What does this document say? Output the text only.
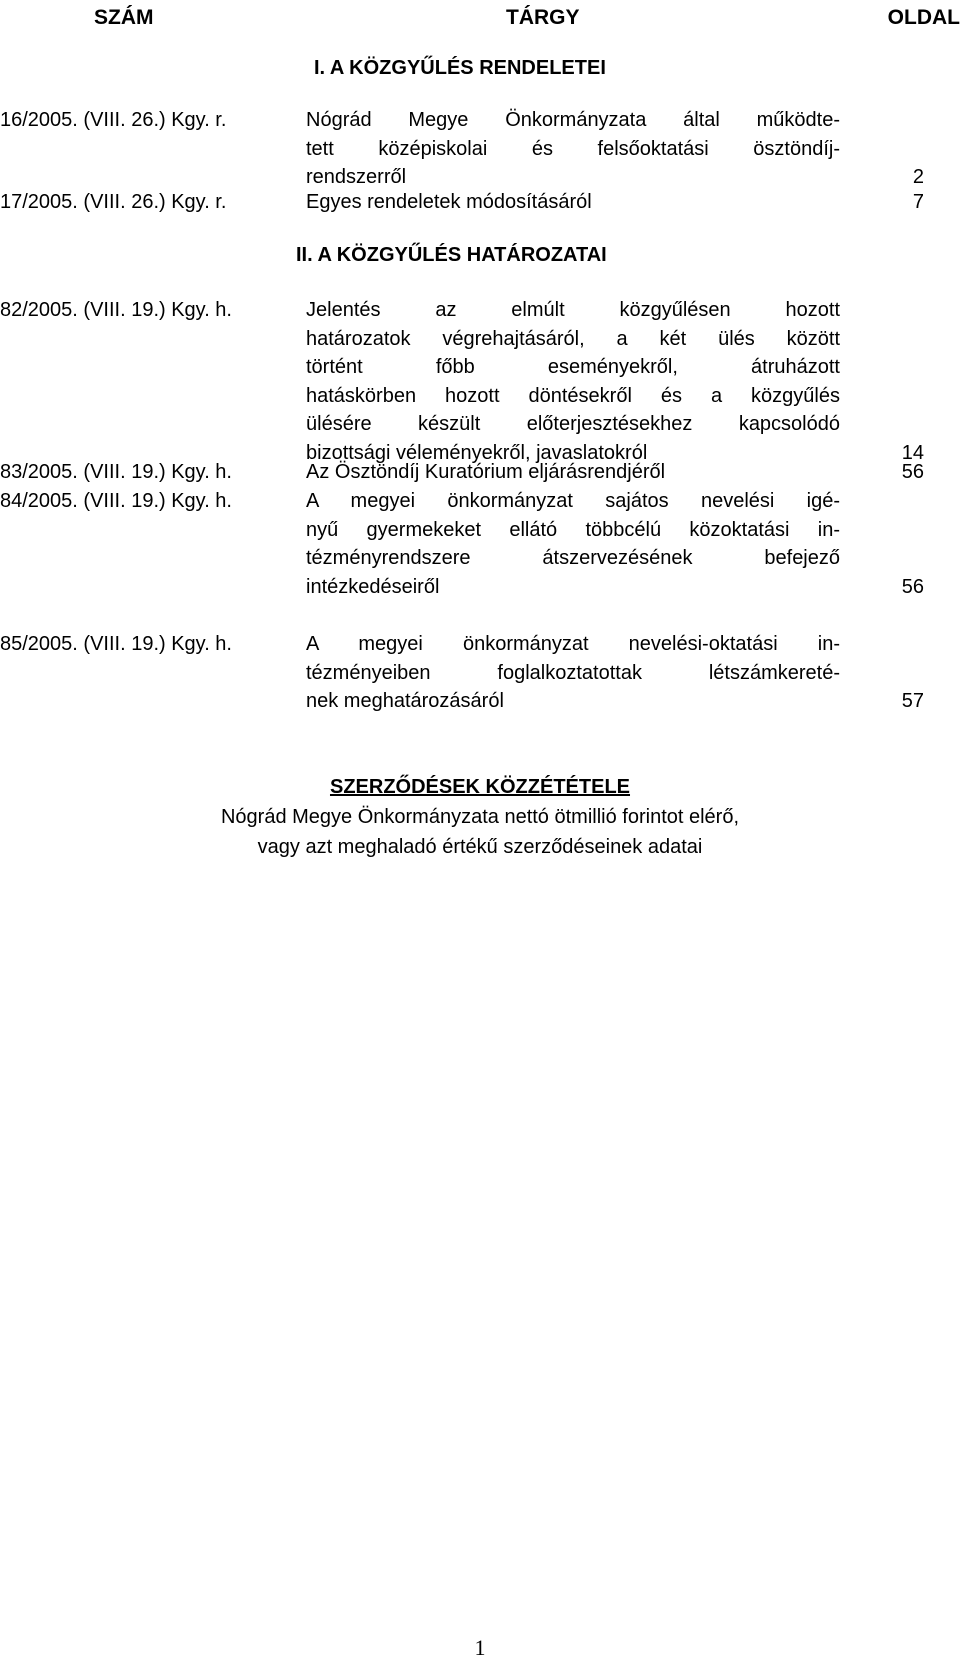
SZÁM	TÁRGY	OLDAL
I. A KÖZGYŰLÉS RENDELETEI
16/2005. (VIII. 26.) Kgy. r.	Nógrád Megye Önkormányzata által működte-
tett középiskolai és felsőoktatási ösztöndíj-
rendszerről	2
17/2005. (VIII. 26.) Kgy. r.	Egyes rendeletek módosításáról	7
II. A KÖZGYŰLÉS HATÁROZATAI
82/2005. (VIII. 19.) Kgy. h.	Jelentés az elmúlt közgyűlésen hozott
határozatok végrehajtásáról, a két ülés között
történt főbb eseményekről, átruházott
hatáskörben hozott döntésekről és a közgyűlés
ülésére készült előterjesztésekhez kapcsolódó
bizottsági véleményekről, javaslatokról	14
83/2005. (VIII. 19.) Kgy. h.	Az Ösztöndíj Kuratórium eljárásrendjéről	56
84/2005. (VIII. 19.) Kgy. h.	A megyei önkormányzat sajátos nevelési igé-
nyű gyermekeket ellátó többcélú közoktatási in-
tézményrendszere átszervezésének befejező
intézkedéseiről	56
85/2005. (VIII. 19.) Kgy. h.	A megyei önkormányzat nevelési-oktatási in-
tézményeiben foglalkoztatottak létszámkereté-
nek meghatározásáról	57
SZERZŐDÉSEK KÖZZÉTÉTELE
Nógrád Megye Önkormányzata nettó ötmillió forintot elérő,
vagy azt meghaladó értékű szerződéseinek adatai
1
